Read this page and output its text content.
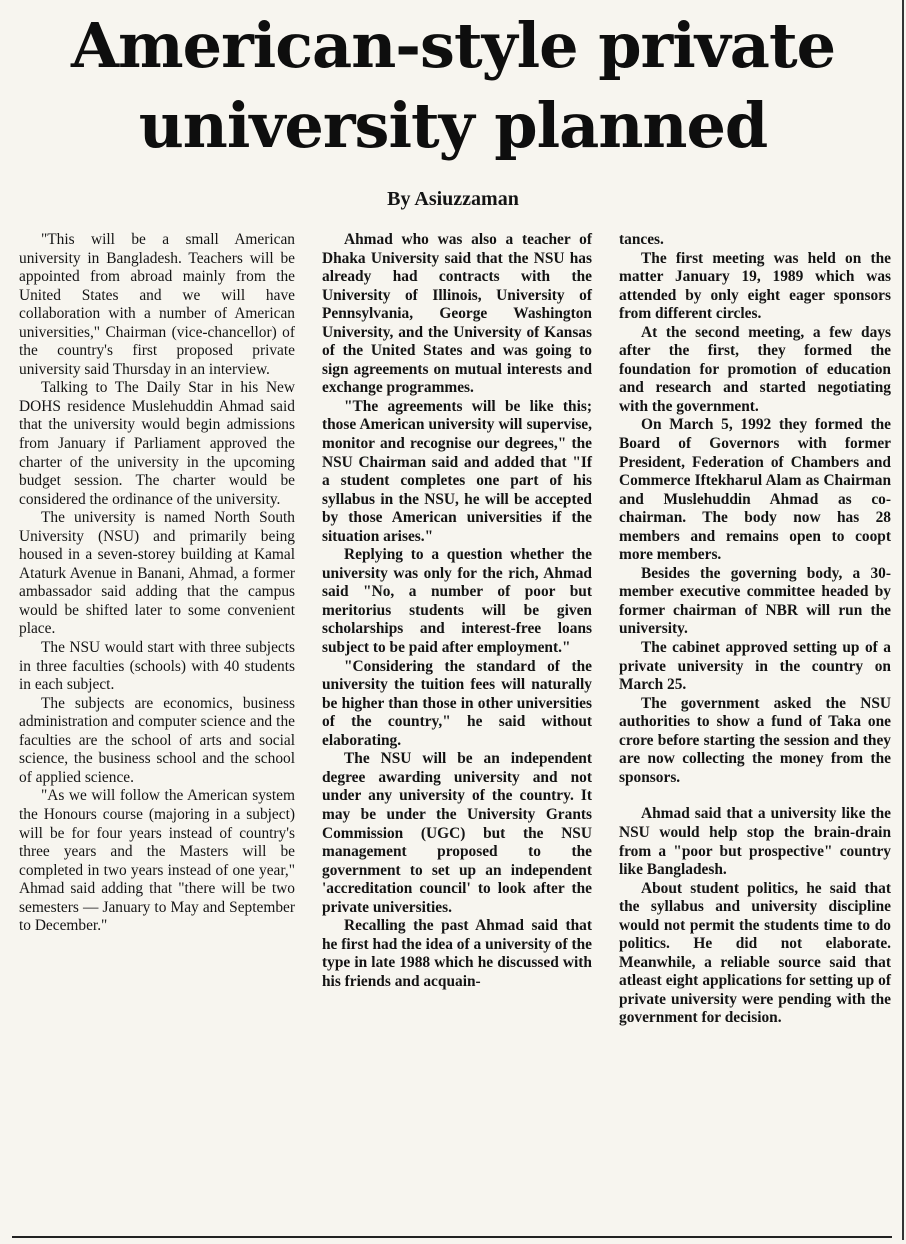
American-style private
university planned
By Asiuzzaman

"This will be a small American university in Bangladesh. Teachers will be appointed from abroad mainly from the United States and we will have collaboration with a number of American universities," Chairman (vice-chancellor) of the country's first proposed private university said Thursday in an interview.

Talking to The Daily Star in his New DOHS residence Muslehuddin Ahmad said that the university would begin admissions from January if Parliament approved the charter of the university in the upcoming budget session. The charter would be considered the ordinance of the university.

The university is named North South University (NSU) and primarily being housed in a seven-storey building at Kamal Ataturk Avenue in Banani, Ahmad, a former ambassador said adding that the campus would be shifted later to some convenient place.

The NSU would start with three subjects in three faculties (schools) with 40 students in each subject.

The subjects are economics, business administration and computer science and the faculties are the school of arts and social science, the business school and the school of applied science.

"As we will follow the American system the Honours course (majoring in a subject) will be for four years instead of country's three years and the Masters will be completed in two years instead of one year," Ahmad said adding that "there will be two semesters — January to May and September to December."

Ahmad who was also a teacher of Dhaka University said that the NSU has already had contracts with the University of Illinois, University of Pennsylvania, George Washington University, and the University of Kansas of the United States and was going to sign agreements on mutual interests and exchange programmes.

"The agreements will be like this; those American university will supervise, monitor and recognise our degrees," the NSU Chairman said and added that "If a student completes one part of his syllabus in the NSU, he will be accepted by those American universities if the situation arises."

Replying to a question whether the university was only for the rich, Ahmad said "No, a number of poor but meritorius students will be given scholarships and interest-free loans subject to be paid after employment."

"Considering the standard of the university the tuition fees will naturally be higher than those in other universities of the country," he said without elaborating.

The NSU will be an independent degree awarding university and not under any university of the country. It may be under the University Grants Commission (UGC) but the NSU management proposed to the government to set up an independent 'accreditation council' to look after the private universities.

Recalling the past Ahmad said that he first had the idea of a university of the type in late 1988 which he discussed with his friends and acquain-

tances.

The first meeting was held on the matter January 19, 1989 which was attended by only eight eager sponsors from different circles.

At the second meeting, a few days after the first, they formed the foundation for promotion of education and research and started negotiating with the government.

On March 5, 1992 they formed the Board of Governors with former President, Federation of Chambers and Commerce Iftekharul Alam as Chairman and Muslehuddin Ahmad as co-chairman. The body now has 28 members and remains open to coopt more members.

Besides the governing body, a 30-member executive committee headed by former chairman of NBR will run the university.

The cabinet approved setting up of a private university in the country on March 25.

The government asked the NSU authorities to show a fund of Taka one crore before starting the session and they are now collecting the money from the sponsors.

Ahmad said that a university like the NSU would help stop the brain-drain from a "poor but prospective" country like Bangladesh.

About student politics, he said that the syllabus and university discipline would not permit the students time to do politics. He did not elaborate. Meanwhile, a reliable source said that atleast eight applications for setting up of private university were pending with the government for decision.
